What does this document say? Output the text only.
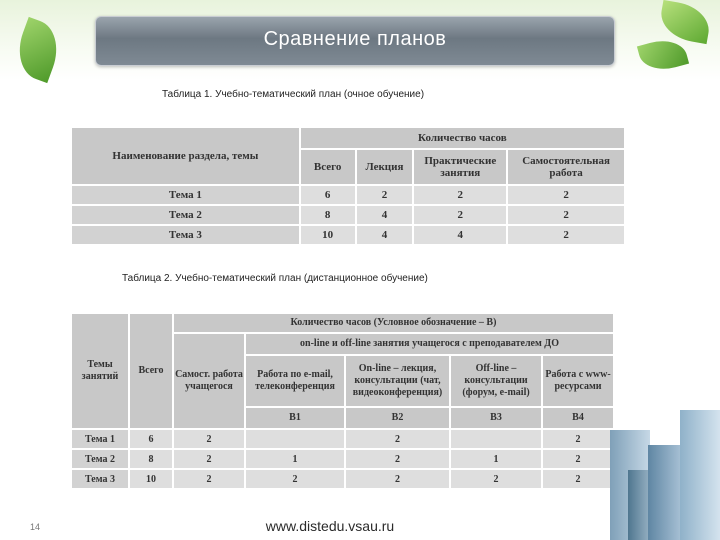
Сравнение планов
Таблица 1. Учебно-тематический план (очное обучение)
Наименование раздела, темы	Количество часов			
	Всего	Лекция	Практические занятия	Самостоятельная работа
Тема 1	6	2	2	2
Тема 2	8	4	2	2
Тема 3	10	4	4	2
Таблица 2. Учебно-тематический план (дистанционное обучение)
Темы занятий	Всего	Количество часов (Условное обозначение – В)				
		Самост. работа учащегося	on-line и off-line занятия учащегося с преподавателем ДО			
			Работа по e-mail, телеконференция	On-line – лекция, консультации (чат, видеоконференция)	Off-line – консультации (форум, e-mail)	Работа с www-ресурсами
			В1	В2	В3	В4
Тема 1	6	2		2		2
Тема 2	8	2	1	2	1	2
Тема 3	10	2	2	2	2	2
14	www.distedu.vsau.ru
